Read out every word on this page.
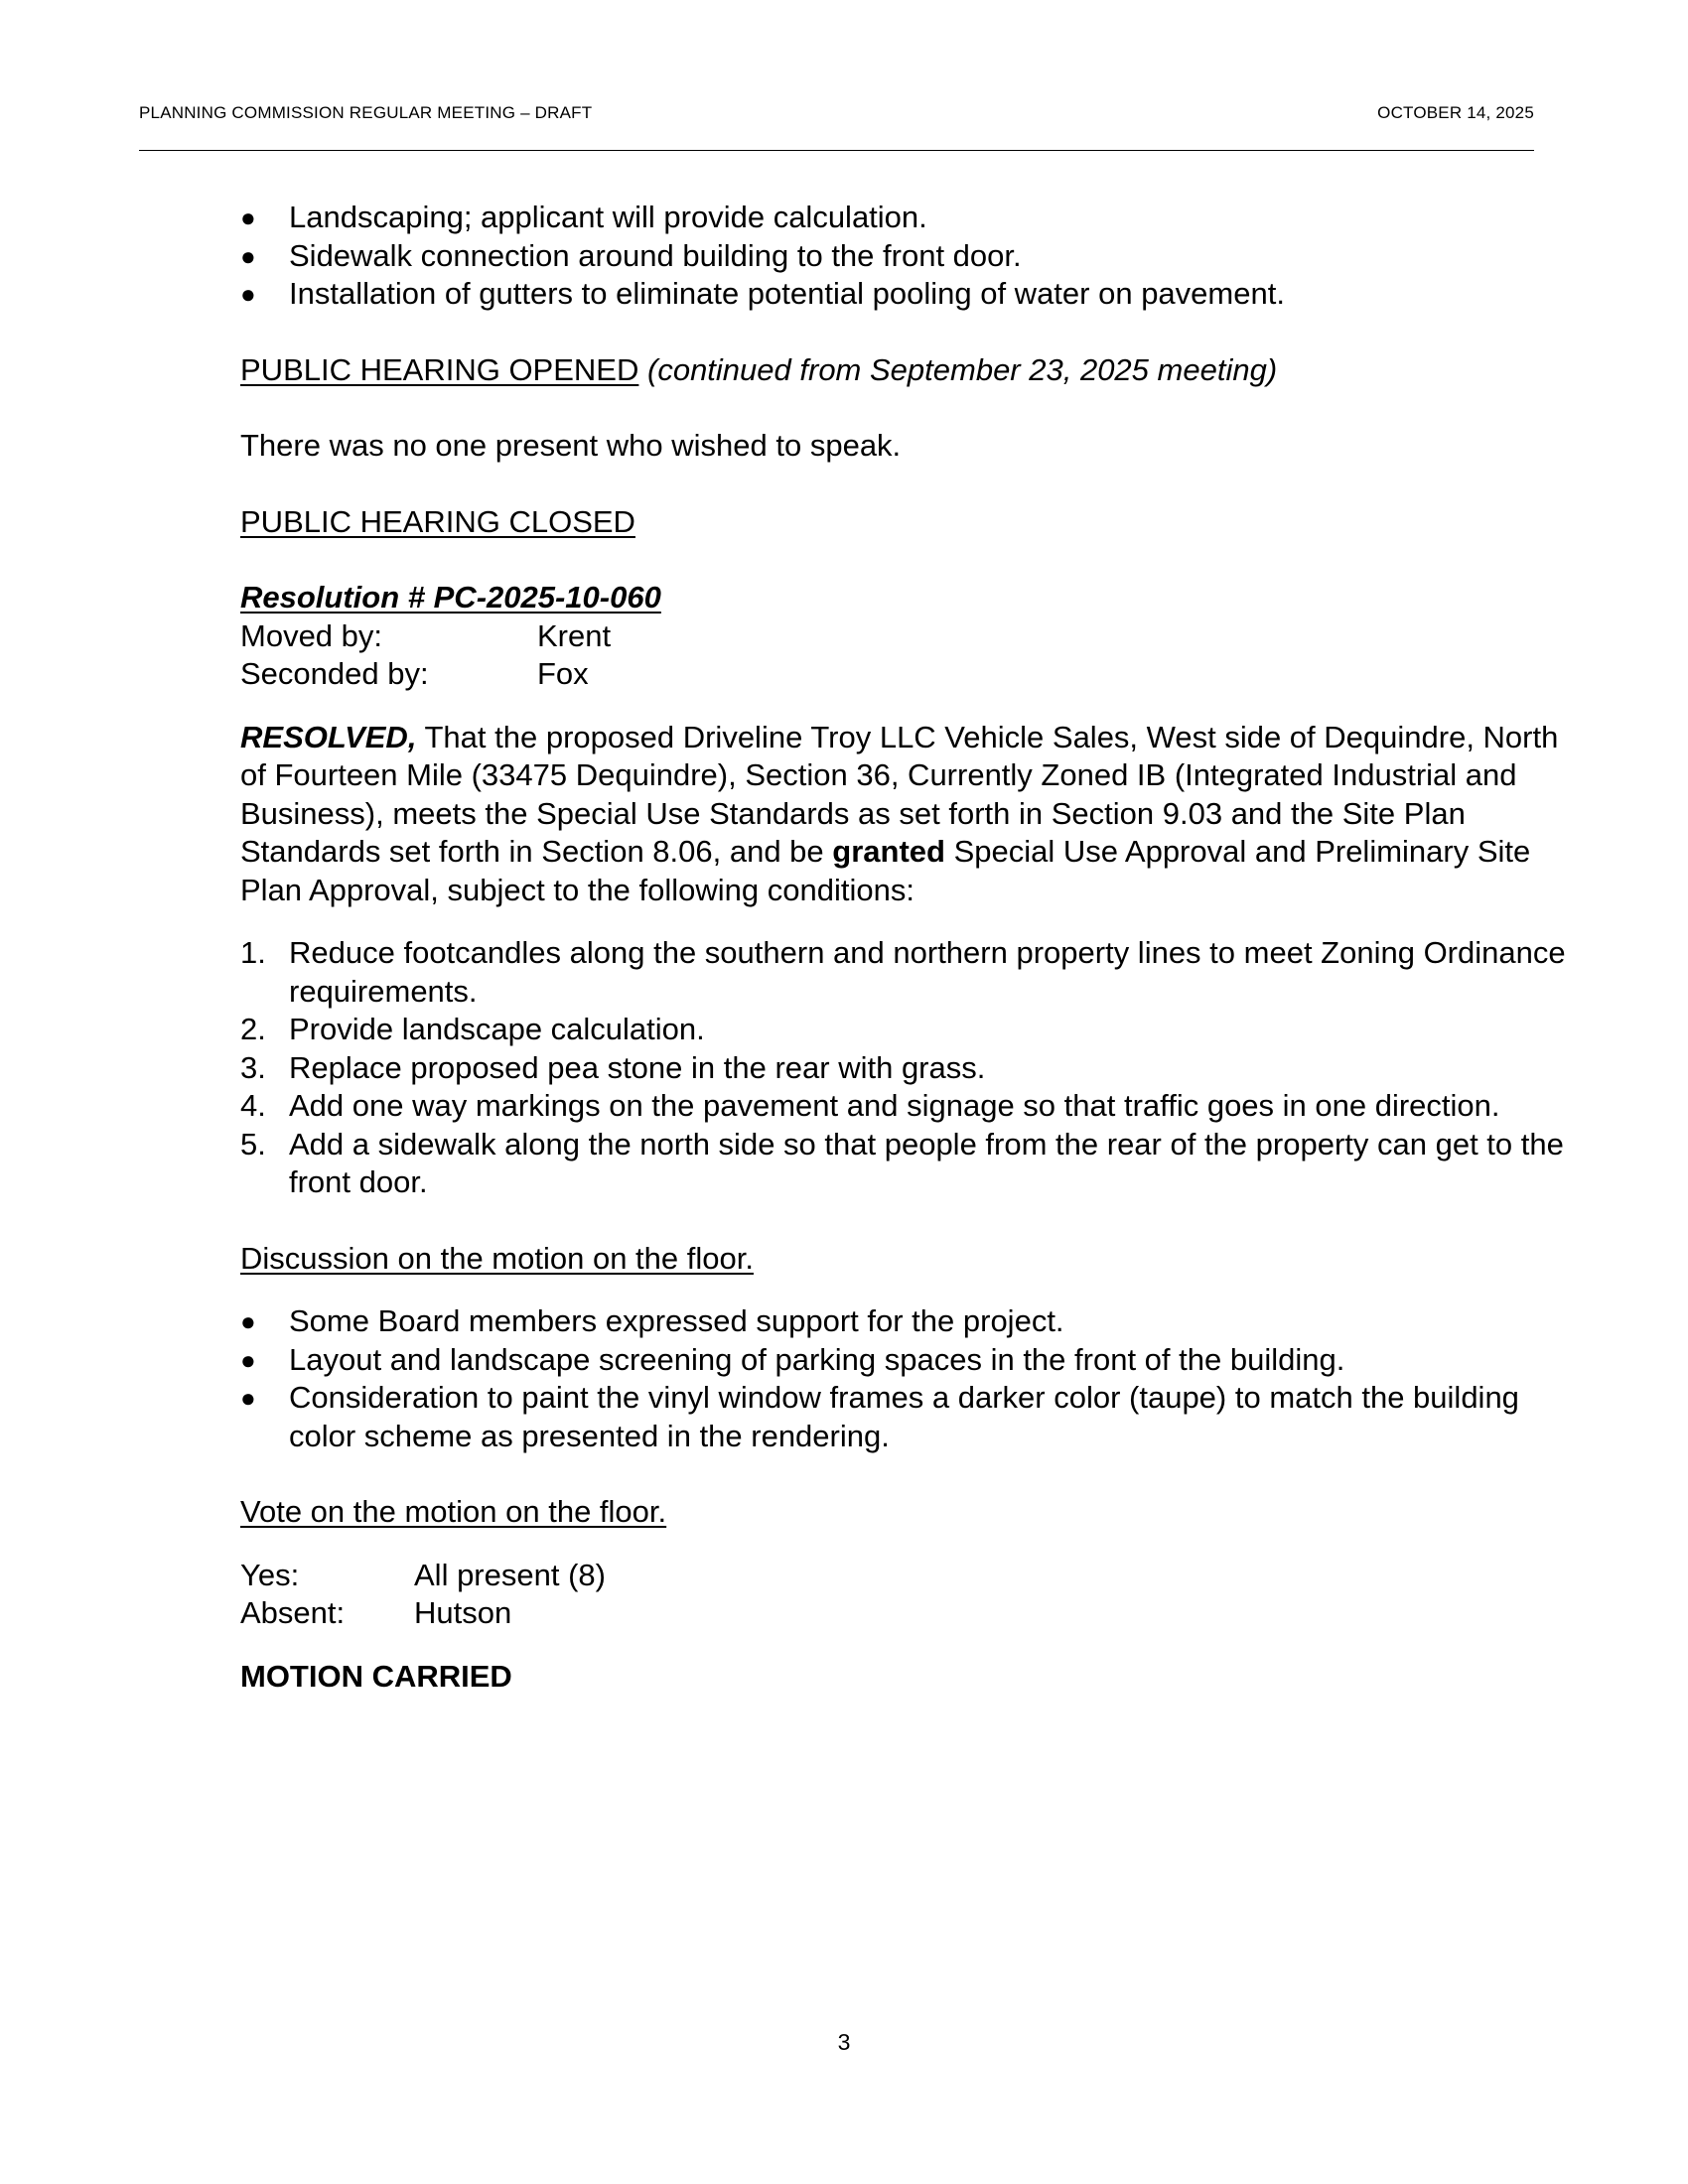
PLANNING COMMISSION REGULAR MEETING – DRAFT	OCTOBER 14, 2025
● Landscaping; applicant will provide calculation.
● Sidewalk connection around building to the front door.
● Installation of gutters to eliminate potential pooling of water on pavement.
PUBLIC HEARING OPENED (continued from September 23, 2025 meeting)
There was no one present who wished to speak.
PUBLIC HEARING CLOSED
Resolution # PC-2025-10-060
Moved by:	Krent
Seconded by:	Fox
RESOLVED, That the proposed Driveline Troy LLC Vehicle Sales, West side of Dequindre, North of Fourteen Mile (33475 Dequindre), Section 36, Currently Zoned IB (Integrated Industrial and Business), meets the Special Use Standards as set forth in Section 9.03 and the Site Plan Standards set forth in Section 8.06, and be granted Special Use Approval and Preliminary Site Plan Approval, subject to the following conditions:
1. Reduce footcandles along the southern and northern property lines to meet Zoning Ordinance requirements.
2. Provide landscape calculation.
3. Replace proposed pea stone in the rear with grass.
4. Add one way markings on the pavement and signage so that traffic goes in one direction.
5. Add a sidewalk along the north side so that people from the rear of the property can get to the front door.
Discussion on the motion on the floor.
● Some Board members expressed support for the project.
● Layout and landscape screening of parking spaces in the front of the building.
● Consideration to paint the vinyl window frames a darker color (taupe) to match the building color scheme as presented in the rendering.
Vote on the motion on the floor.
Yes:	All present (8)
Absent:	Hutson
MOTION CARRIED
3
